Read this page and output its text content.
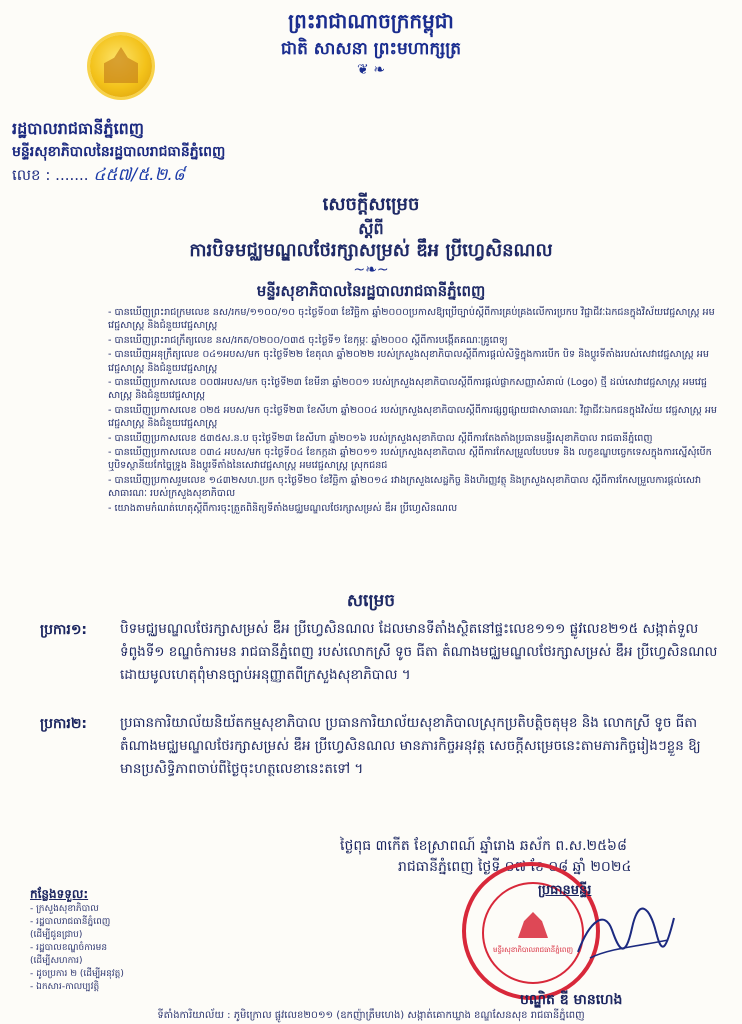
ព្រះរាជាណាចក្រកម្ពុជា
ជាតិ សាសនា ព្រះមហាក្សត្រ
❦ ❧
រដ្ឋបាលរាជធានីភ្នំពេញ
មន្ទីរសុខាភិបាលនៃរដ្ឋបាលរាជធានីភ្នំពេញ
លេខ : ....... ៤៥៧/៥.២.៨
សេចក្ដីសម្រេច
ស្ដីពី
ការបិទមជ្ឈមណ្ឌលថែរក្សាសម្រស់ ឌឹអ ប្រីហ្វេសិនណល
~❧~
មន្ទីរសុខាភិបាលនៃរដ្ឋបាលរាជធានីភ្នំពេញ
- បានឃើញព្រះរាជក្រមលេខ នស/រកម/១១០០/១០ ចុះថ្ងៃទី០៣ ខែវិច្ឆិកា ឆ្នាំ២០០០ប្រកាសឱ្យប្រើច្បាប់ស្ដីពីការគ្រប់គ្រងលើការប្រកប វិជ្ជាជីវៈឯកជនក្នុងវិស័យវេជ្ជសាស្ត្រ អមវេជ្ជសាស្ត្រ និងជំនួយវេជ្ជសាស្ត្រ
- បានឃើញព្រះរាជក្រឹត្យលេខ នស/រកត/០២០០/០៣៥ ចុះថ្ងៃទី១ ខែកុម្ភៈ ឆ្នាំ២០០០ ស្ដីពីការបង្កើតគណៈគ្រូពេទ្យ
- បានឃើញអនុក្រឹត្យលេខ ០៤១អបស/មក ចុះថ្ងៃទី២២ ខែតុលា ឆ្នាំ២០២២ របស់ក្រសួងសុខាភិបាលស្ដីពីការផ្ដល់សិទ្ធិក្នុងការបើក បិទ និងប្ដូរទីតាំងរបស់សេវាវេជ្ជសាស្ត្រ អមវេជ្ជសាស្ត្រ និងជំនួយវេជ្ជសាស្ត្រ
- បានឃើញប្រកាសលេខ ០០៧អបស/មក ចុះថ្ងៃទី២៣ ខែមីនា ឆ្នាំ២០០១ របស់ក្រសួងសុខាភិបាលស្ដីពីការផ្ដល់ផ្លាកសញ្ញាសំគាល់ (Logo) ថ្មី ដល់សេវាវេជ្ជសាស្ត្រ អមវេជ្ជសាស្ត្រ និងជំនួយវេជ្ជសាស្ត្រ
- បានឃើញប្រកាសលេខ ០២៥ អបស/មក ចុះថ្ងៃទី២៣ ខែសីហា ឆ្នាំ២០០៤ របស់ក្រសួងសុខាភិបាលស្ដីពីការផ្សព្វផ្សាយជាសាធារណៈ វិជ្ជាជីវៈឯកជនក្នុងវិស័យ វេជ្ជសាស្ត្រ អមវេជ្ជសាស្ត្រ និងជំនួយវេជ្ជសាស្ត្រ
- បានឃើញប្រកាសលេខ ៥៣៥ស.ន.ប ចុះថ្ងៃទី២៣ ខែសីហា ឆ្នាំ២០១៦ របស់ក្រសួងសុខាភិបាល ស្ដីពីការតែងតាំងប្រធានមន្ទីរសុខាភិបាល រាជធានីភ្នំពេញ
- បានឃើញប្រកាសលេខ ០៣៤ អបស/មក ចុះថ្ងៃទី០៤ ខែកក្កដា ឆ្នាំ២០១១ របស់ក្រសួងសុខាភិបាល ស្ដីពីការកែសម្រួលបែបបទ និង លក្ខខណ្ឌបច្ចេកទេសក្នុងការស្នើសុំបើក ឬបិទស្ថានីយកែច្នៃទ្រូង និងប្ដូរទីតាំងនៃសេវាវេជ្ជសាស្ត្រ អមវេជ្ជសាស្ត្រ ស្រុកជនជ
- បានឃើញប្រកាសរួមលេខ ១៤៣២សហ.ប្រក ចុះថ្ងៃទី២០ ខែវិច្ឆិកា ឆ្នាំ២០១៤ រវាងក្រសួងសេដ្ឋកិច្ច និងហិរញ្ញវត្ថុ និងក្រសួងសុខាភិបាល ស្ដីពីការកែសម្រួលការផ្ដល់សេវាសាធារណៈ របស់ក្រសួងសុខាភិបាល
- យោងតាមកំណត់ហេតុស្ដីពីការចុះត្រួតពិនិត្យទីតាំងមជ្ឈមណ្ឌលថែរក្សាសម្រស់ ឌឹអ ប្រីហ្វេសិនណល
សម្រេច
ប្រការ១: បិទមជ្ឈមណ្ឌលថែរក្សាសម្រស់ ឌឹអ ប្រីហ្វេសិនណល ដែលមានទីតាំងស្ថិតនៅផ្ទះលេខ១១១ ផ្លូវលេខ២១៥ សង្កាត់ទួលទំពូងទី១ ខណ្ឌចំការមន រាជធានីភ្នំពេញ របស់លោកស្រី ទូច ធីតា តំណាងមជ្ឈមណ្ឌលថែរក្សាសម្រស់ ឌឹអ ប្រីហ្វេសិនណល ដោយមូលហេតុពុំមានច្បាប់អនុញ្ញាតពីក្រសួងសុខាភិបាល ។
ប្រការ២: ប្រធានការិយាល័យនិយ័តកម្មសុខាភិបាល ប្រធានការិយាល័យសុខាភិបាលស្រុកប្រតិបត្តិចតុមុខ និង លោកស្រី ទូច ធីតា តំណាងមជ្ឈមណ្ឌលថែរក្សាសម្រស់ ឌឹអ ប្រីហ្វេសិនណល មានភារកិច្ចអនុវត្ត សេចក្ដីសម្រេចនេះតាមភារកិច្ចរៀងៗខ្លួន ឱ្យមានប្រសិទ្ធិភាពចាប់ពីថ្ងៃចុះហត្ថលេខានេះតទៅ ។
ថ្ងៃពុធ ៣កើត ខែស្រាពណ៍ ឆ្នាំរោង ឆស័ក ព.ស.២៥៦៨
រាជធានីភ្នំពេញ ថ្ងៃទី ០៧ ខែ ០៨ ឆ្នាំ ២០២៤
កន្លែងទទួល:
- ក្រសួងសុខាភិបាល
- រដ្ឋបាលរាជធានីភ្នំពេញ
(ដើម្បីជូនជ្រាប)
- រដ្ឋបាលខណ្ឌចំការមន
(ដើម្បីសហការ)
- ដូចប្រការ ២ (ដើម្បីអនុវត្ត)
- ឯកសារ-កាលប្បវត្តិ
មន្ទីរសុខាភិបាលរាជធានីភ្នំពេញ
ប្រធានមន្ទីរ
បណ្ឌិត ឌី មានហេង
ទីតាំងការិយាល័យ : ភូមិក្រោល ផ្លូវលេខ២០១១ (ឧកញ៉ាត្រឹមហេង) សង្កាត់គោកឃ្លាង ខណ្ឌសែនសុខ រាជធានីភ្នំពេញ
